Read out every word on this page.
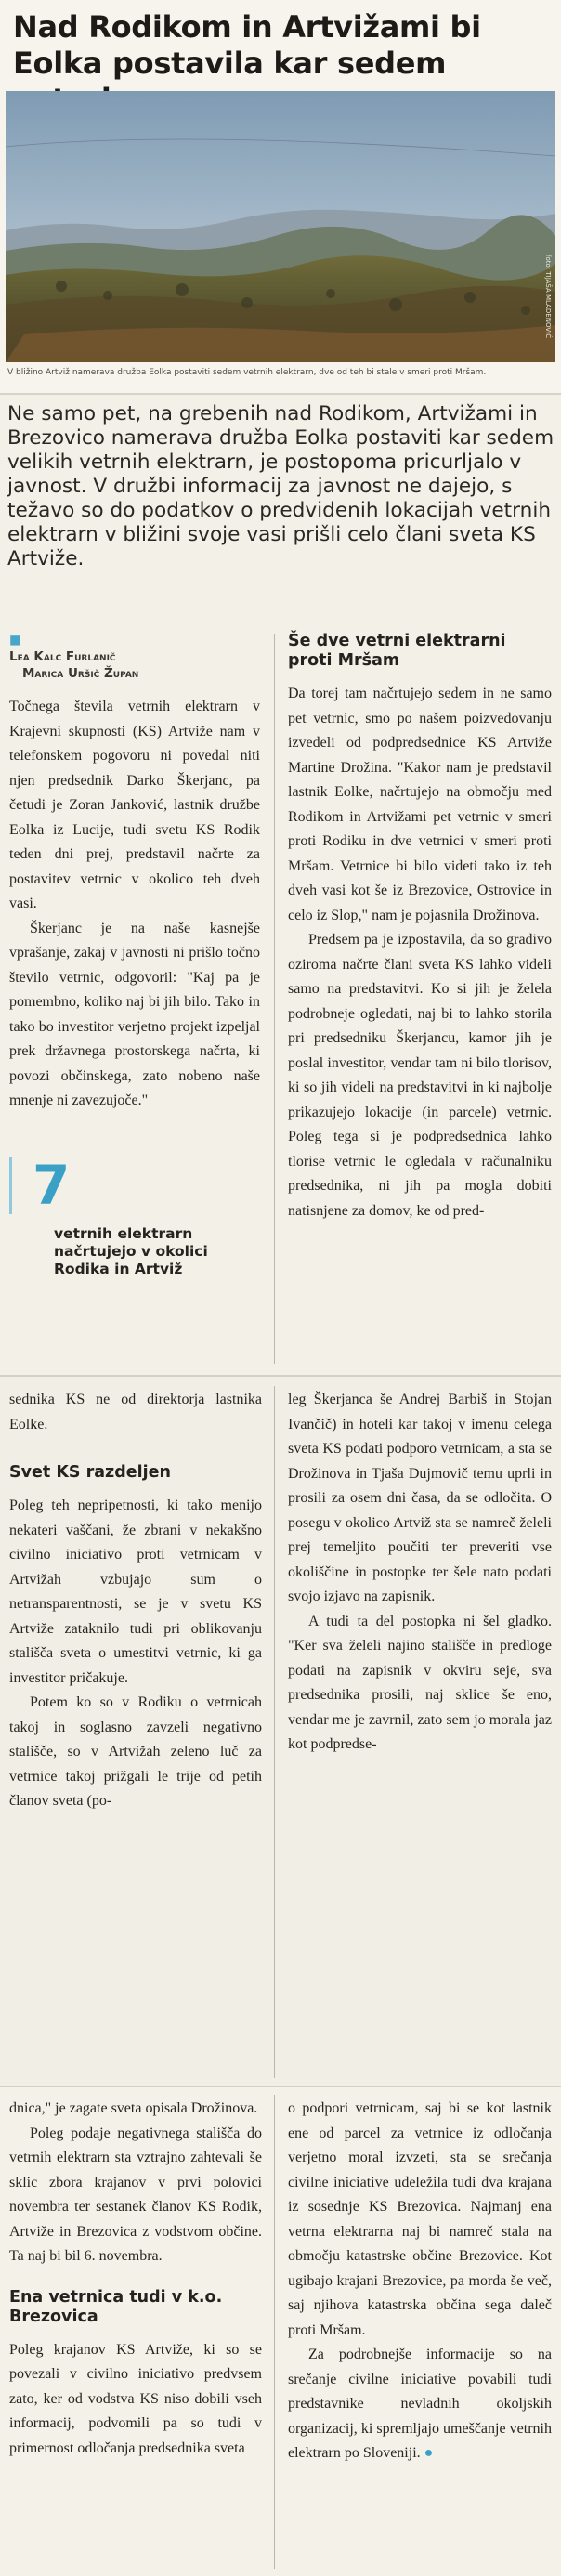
Nad Rodikom in Artvižami bi Eolka postavila kar sedem
foto: TIJAŠA MLADENOVIĆ
V bližino Artviž namerava družba Eolka postaviti sedem vetrnih elektrarn, dve od teh bi stale v smeri proti Mršam.

Ne samo pet, na grebenih nad Rodikom, Artvižami in Brezovico namerava družba Eolka postaviti kar sedem velikih vetrnih elektrarn, je postopoma pricurljalo v javnost. V družbi informacij za javnost ne dajejo, s težavo so do podatkov o predvidenih lokacijah vetrnih elektrarn v bližini svoje vasi prišli celo člani sveta KS Artviže.

■
Lea Kalc Furlanič
Marica Uršič Župan

Točnega števila vetrnih elektrarn v Krajevni skupnosti (KS) Artviže nam v telefonskem pogovoru ni povedal niti njen predsednik Darko Škerjanc, pa četudi je Zoran Janković, lastnik družbe Eolka iz Lucije, tudi svetu KS Rodik teden dni prej, predstavil načrte za postavitev vetrnic v okolico teh dveh vasi.

Škerjanc je na naše kasnejše vprašanje, zakaj v javnosti ni prišlo točno število vetrnic, odgovoril: "Kaj pa je pomembno, koliko naj bi jih bilo. Tako in tako bo investitor verjetno projekt izpeljal prek državnega prostorskega načrta, ki povozi občinskega, zato nobeno naše mnenje ni zavezujoče."

7
vetrnih elektrarn načrtujejo v okolici Rodika in Artviž
Še dve vetrni elektrarni proti Mršam

Da torej tam načrtujejo sedem in ne samo pet vetrnic, smo po našem poizvedovanju izvedeli od podpredsednice KS Artviže Martine Drožina. "Kakor nam je predstavil lastnik Eolke, načrtujejo na območju med Rodikom in Artvižami pet vetrnic v smeri proti Rodiku in dve vetrnici v smeri proti Mršam. Vetrnice bi bilo videti tako iz teh dveh vasi kot še iz Brezovice, Ostrovice in celo iz Slop," nam je pojasnila Drožinova.

Predsem pa je izpostavila, da so gradivo oziroma načrte člani sveta KS lahko videli samo na predstavitvi. Ko si jih je želela podrobneje ogledati, naj bi to lahko storila pri predsedniku Škerjancu, kamor jih je poslal investitor, vendar tam ni bilo tlorisov, ki so jih videli na predstavitvi in ki najbolje prikazujejo lokacije (in parcele) vetrnic. Poleg tega si je podpredsednica lahko tlorise vetrnic le ogledala v računalniku predsednika, ni jih pa mogla dobiti natisnjene za domov, ke od pred-

sednika KS ne od direktorja lastnika Eolke.

Svet KS razdeljen

Poleg teh nepripetnosti, ki tako menijo nekateri vaščani, že zbrani v nekakšno civilno iniciativo proti vetrnicam v Artvižah vzbujajo sum o netransparentnosti, se je v svetu KS Artviže zataknilo tudi pri oblikovanju stališča sveta o umestitvi vetrnic, ki ga investitor pričakuje.

Potem ko so v Rodiku o vetrnicah takoj in soglasno zavzeli negativno stališče, so v Artvižah zeleno luč za vetrnice takoj prižgali le trije od petih članov sveta (po-

leg Škerjanca še Andrej Barbiš in Stojan Ivančič) in hoteli kar takoj v imenu celega sveta KS podati podporo vetrnicam, a sta se Drožinova in Tjaša Dujmovič temu uprli in prosili za osem dni časa, da se odločita. O posegu v okolico Artviž sta se namreč želeli prej temeljito poučiti ter preveriti vse okoliščine in postopke ter šele nato podati svojo izjavo na zapisnik.

A tudi ta del postopka ni šel gladko. "Ker sva želeli najino stališče in predloge podati na zapisnik v okviru seje, sva predsednika prosili, naj sklice še eno, vendar me je zavrnil, zato sem jo morala jaz kot podpredse-

dnica," je zagate sveta opisala Drožinova.

Poleg podaje negativnega stališča do vetrnih elektrarn sta vztrajno zahtevali še sklic zbora krajanov v prvi polovici novembra ter sestanek članov KS Rodik, Artviže in Brezovica z vodstvom občine. Ta naj bi bil 6. novembra.

Ena vetrnica tudi v k.o. Brezovica

Poleg krajanov KS Artviže, ki so se povezali v civilno iniciativo predvsem zato, ker od vodstva KS niso dobili vseh informacij, podvomili pa so tudi v primernost odločanja predsednika sveta

o podpori vetrnicam, saj bi se kot lastnik ene od parcel za vetrnice iz odločanja verjetno moral izvzeti, sta se srečanja civilne iniciative udeležila tudi dva krajana iz sosednje KS Brezovica. Najmanj ena vetrna elektrarna naj bi namreč stala na območju katastrske občine Brezovice. Kot ugibajo krajani Brezovice, pa morda še več, saj njihova katastrska občina sega daleč proti Mršam.

Za podrobnejše informacije so na srečanje civilne iniciative povabili tudi predstavnike nevladnih okoljskih organizacij, ki spremljajo umeščanje vetrnih elektrarn po Sloveniji. ●
